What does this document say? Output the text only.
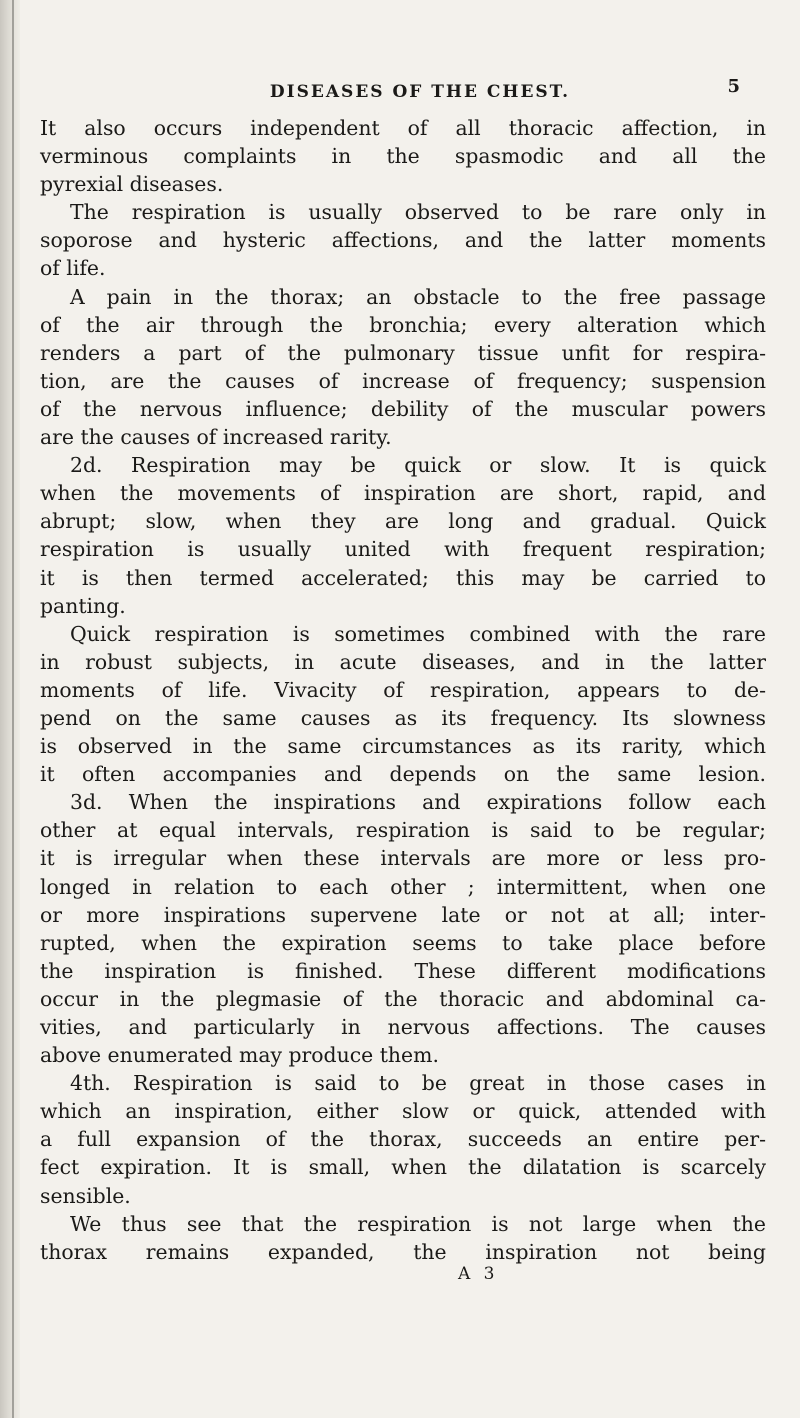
DISEASES OF THE CHEST.	5
It also occurs independent of all thoracic affection, in
verminous complaints in the spasmodic and all the
pyrexial diseases.
The respiration is usually observed to be rare only in
soporose and hysteric affections, and the latter moments
of life.
A pain in the thorax; an obstacle to the free passage
of the air through the bronchia; every alteration which
renders a part of the pulmonary tissue unfit for respira-
tion, are the causes of increase of frequency; suspension
of the nervous influence; debility of the muscular powers
are the causes of increased rarity.
2d. Respiration may be quick or slow. It is quick
when the movements of inspiration are short, rapid, and
abrupt; slow, when they are long and gradual. Quick
respiration is usually united with frequent respiration;
it is then termed accelerated; this may be carried to
panting.
Quick respiration is sometimes combined with the rare
in robust subjects, in acute diseases, and in the latter
moments of life. Vivacity of respiration, appears to de-
pend on the same causes as its frequency. Its slowness
is observed in the same circumstances as its rarity, which
it often accompanies and depends on the same lesion.
3d. When the inspirations and expirations follow each
other at equal intervals, respiration is said to be regular;
it is irregular when these intervals are more or less pro-
longed in relation to each other ; intermittent, when one
or more inspirations supervene late or not at all; inter-
rupted, when the expiration seems to take place before
the inspiration is finished. These different modifications
occur in the plegmasie of the thoracic and abdominal ca-
vities, and particularly in nervous affections. The causes
above enumerated may produce them.
4th. Respiration is said to be great in those cases in
which an inspiration, either slow or quick, attended with
a full expansion of the thorax, succeeds an entire per-
fect expiration. It is small, when the dilatation is scarcely
sensible.
We thus see that the respiration is not large when the
thorax remains expanded, the inspiration not being
A 3
